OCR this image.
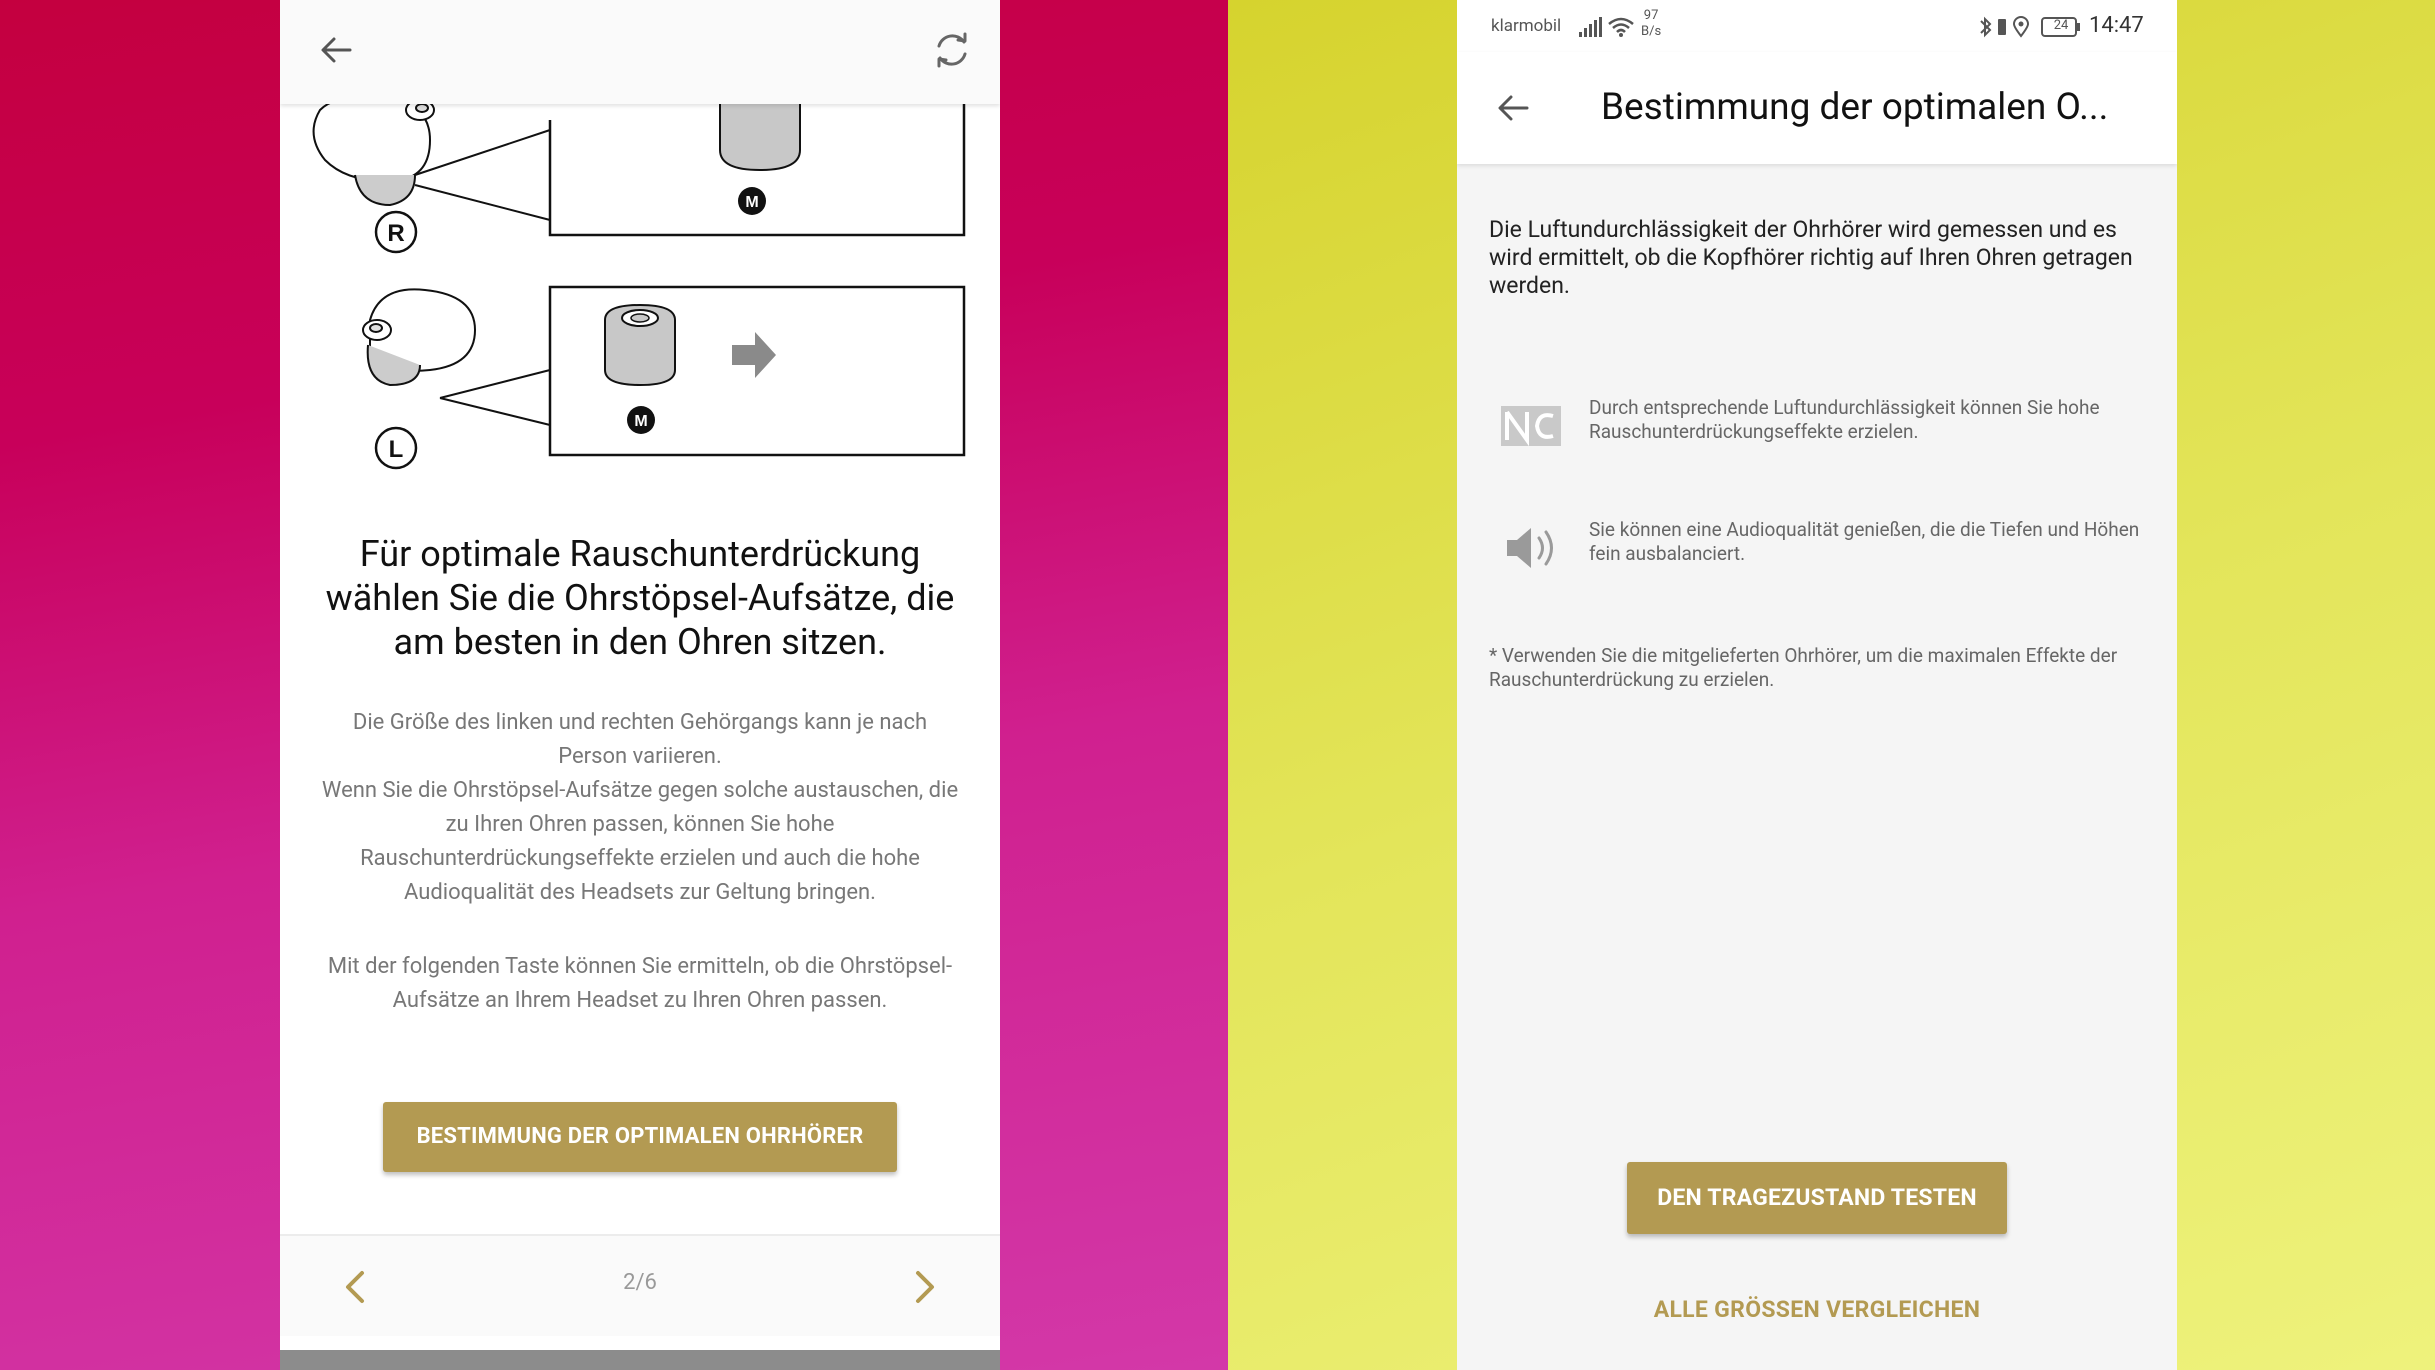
R
M
L
M
Für optimale Rauschunterdrückung wählen Sie die Ohrstöpsel-Aufsätze, die am besten in den Ohren sitzen.

Die Größe des linken und rechten Gehörgangs kann je nach Person variieren.

Wenn Sie die Ohrstöpsel-Aufsätze gegen solche austauschen, die zu Ihren Ohren passen, können Sie hohe Rauschunterdrückungseffekte erzielen und auch die hohe Audioqualität des Headsets zur Geltung bringen.

Mit der folgenden Taste können Sie ermitteln, ob die Ohrstöpsel-Aufsätze an Ihrem Headset zu Ihren Ohren passen.

BESTIMMUNG DER OPTIMALEN OHRHÖRER
2/6
klarmobil
97
B/s	24 14:47
Bestimmung der optimalen O...
Die Luftundurchlässigkeit der Ohrhörer wird gemessen und es wird ermittelt, ob die Kopfhörer richtig auf Ihren Ohren getragen werden.
Durch entsprechende Luftundurchlässigkeit können Sie hohe Rauschunterdrückungseffekte erzielen.
Sie können eine Audioqualität genießen, die die Tiefen und Höhen fein ausbalanciert.
* Verwenden Sie die mitgelieferten Ohrhörer, um die maximalen Effekte der Rauschunterdrückung zu erzielen.
DEN TRAGEZUSTAND TESTEN
ALLE GRÖSSEN VERGLEICHEN
